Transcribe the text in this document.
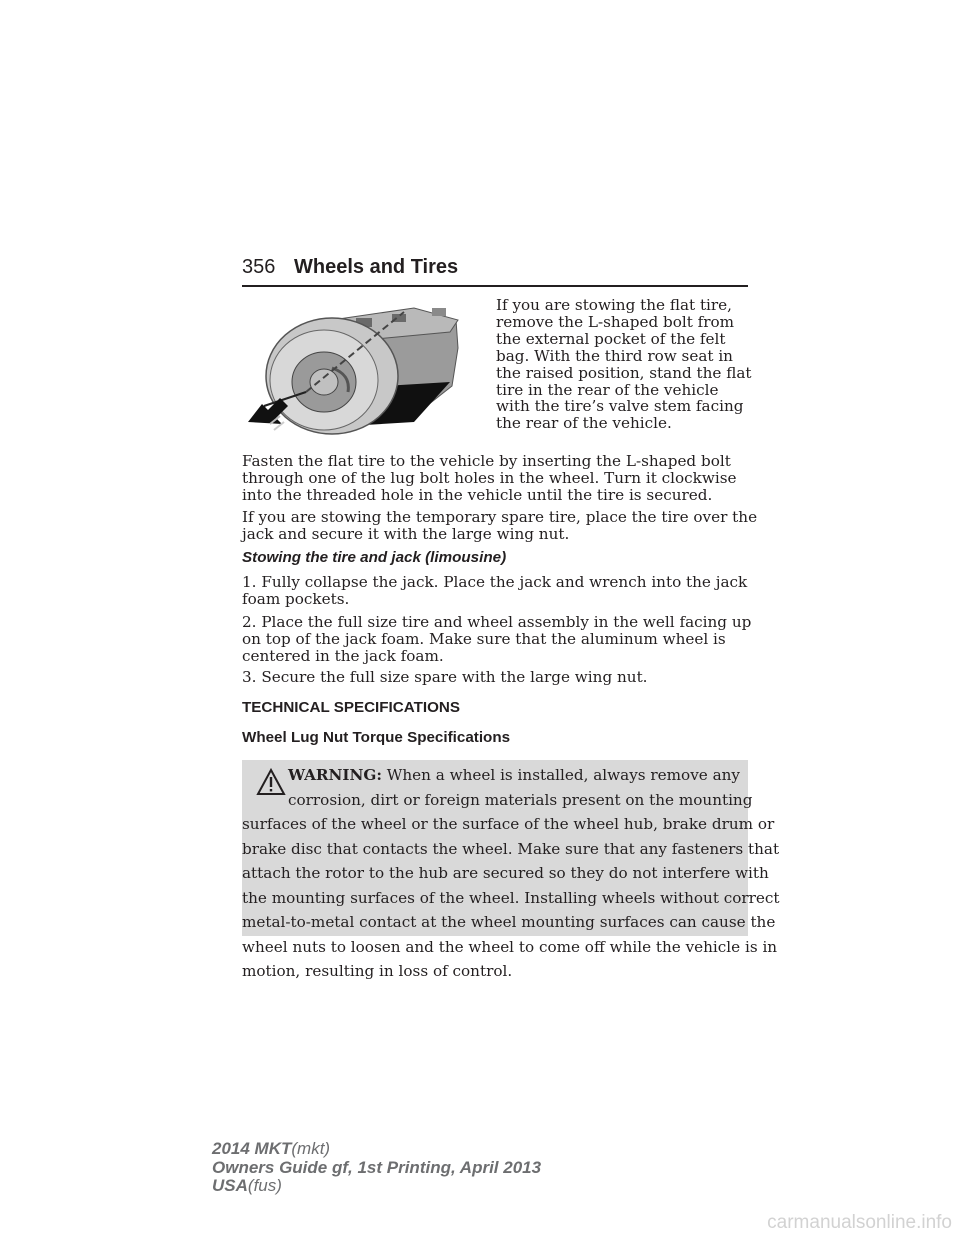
356 Wheels and Tires
If you are stowing the flat tire, remove the L-shaped bolt from the external pocket of the felt bag. With the third row seat in the raised position, stand the flat tire in the rear of the vehicle with the tire’s valve stem facing the rear of the vehicle.

Fasten the flat tire to the vehicle by inserting the L-shaped bolt through one of the lug bolt holes in the wheel. Turn it clockwise into the threaded hole in the vehicle until the tire is secured.

If you are stowing the temporary spare tire, place the tire over the jack and secure it with the large wing nut.

Stowing the tire and jack (limousine)

1. Fully collapse the jack. Place the jack and wrench into the jack foam pockets.

2. Place the full size tire and wheel assembly in the well facing up on top of the jack foam. Make sure that the aluminum wheel is centered in the jack foam.

3. Secure the full size spare with the large wing nut.

TECHNICAL SPECIFICATIONS
Wheel Lug Nut Torque Specifications
WARNING: When a wheel is installed, always remove any
corrosion, dirt or foreign materials present on the mounting
surfaces of the wheel or the surface of the wheel hub, brake drum or
brake disc that contacts the wheel. Make sure that any fasteners that
attach the rotor to the hub are secured so they do not interfere with
the mounting surfaces of the wheel. Installing wheels without correct
metal-to-metal contact at the wheel mounting surfaces can cause the
wheel nuts to loosen and the wheel to come off while the vehicle is in
motion, resulting in loss of control.
2014 MKT(mkt)
Owners Guide gf, 1st Printing, April 2013
USA(fus)
carmanualsonline.info
